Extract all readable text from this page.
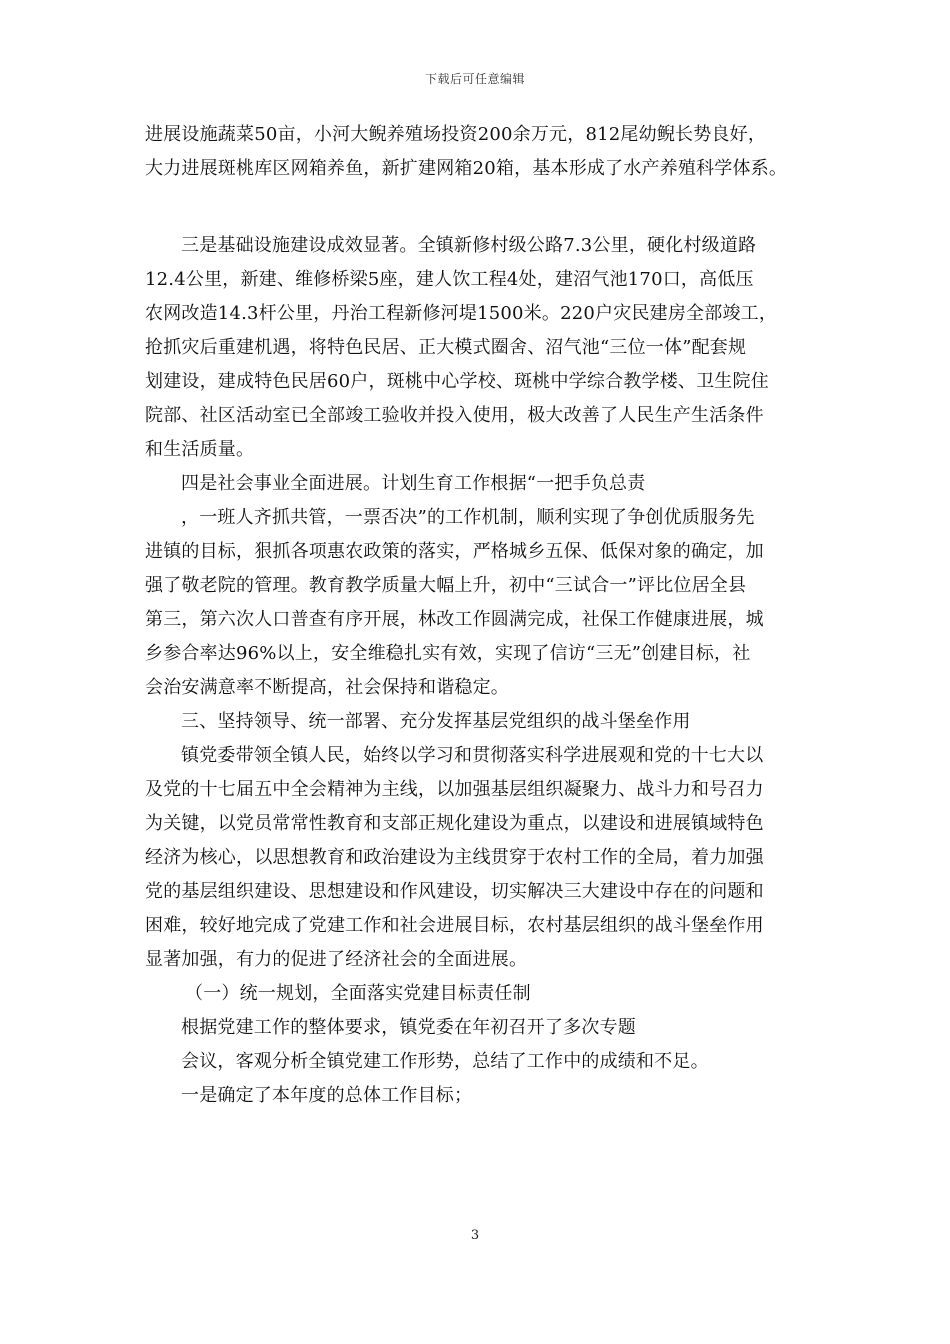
下载后可任意编辑
进展设施蔬菜50亩，小河大鲵养殖场投资200余万元，812尾幼鲵长势良好，
大力进展斑桃库区网箱养鱼，新扩建网箱20箱，基本形成了水产养殖科学体系。
三是基础设施建设成效显著。全镇新修村级公路7.3公里，硬化村级道路
12.4公里，新建、维修桥梁5座，建人饮工程4处，建沼气池170口，高低压
农网改造14.3杆公里，丹治工程新修河堤1500米。220户灾民建房全部竣工，
抢抓灾后重建机遇，将特色民居、正大模式圈舍、沼气池“三位一体”配套规
划建设，建成特色民居60户，斑桃中心学校、斑桃中学综合教学楼、卫生院住
院部、社区活动室已全部竣工验收并投入使用，极大改善了人民生产生活条件
和生活质量。
四是社会事业全面进展。计划生育工作根据“一把手负总责
，一班人齐抓共管，一票否决”的工作机制，顺利实现了争创优质服务先
进镇的目标，狠抓各项惠农政策的落实，严格城乡五保、低保对象的确定，加
强了敬老院的管理。教育教学质量大幅上升，初中“三试合一”评比位居全县
第三，第六次人口普查有序开展，林改工作圆满完成，社保工作健康进展，城
乡参合率达96%以上，安全维稳扎实有效，实现了信访“三无”创建目标，社
会治安满意率不断提高，社会保持和谐稳定。
三、坚持领导、统一部署、充分发挥基层党组织的战斗堡垒作用
镇党委带领全镇人民，始终以学习和贯彻落实科学进展观和党的十七大以
及党的十七届五中全会精神为主线，以加强基层组织凝聚力、战斗力和号召力
为关键，以党员常常性教育和支部正规化建设为重点，以建设和进展镇域特色
经济为核心，以思想教育和政治建设为主线贯穿于农村工作的全局，着力加强
党的基层组织建设、思想建设和作风建设，切实解决三大建设中存在的问题和
困难，较好地完成了党建工作和社会进展目标，农村基层组织的战斗堡垒作用
显著加强，有力的促进了经济社会的全面进展。
（一）统一规划，全面落实党建目标责任制
根据党建工作的整体要求，镇党委在年初召开了多次专题
会议，客观分析全镇党建工作形势，总结了工作中的成绩和不足。
一是确定了本年度的总体工作目标；
3
